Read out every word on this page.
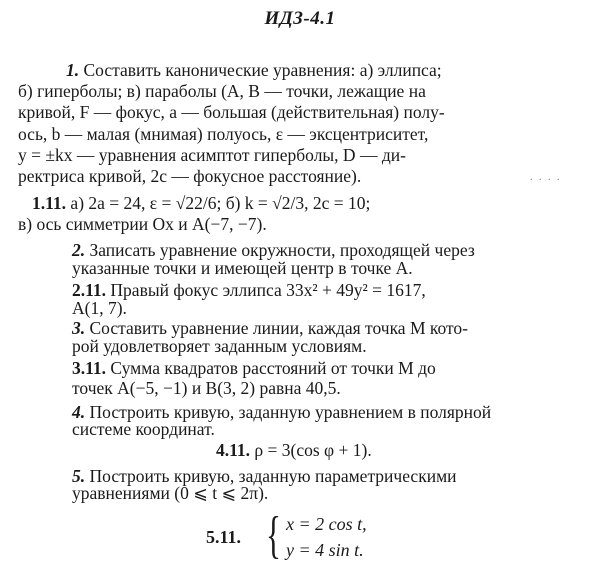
ИДЗ-4.1
1. Составить канонические уравнения: а) эллипса;
б) гиперболы; в) параболы (A, B — точки, лежащие на
кривой, F — фокус, a — большая (действительная) полу-
ось, b — малая (мнимая) полуось, ε — эксцентриситет,
y = ±kx — уравнения асимптот гиперболы, D — ди-
ректриса кривой, 2c — фокусное расстояние).	. . . .
1.11. а) 2a = 24, ε = √22/6; б) k = √2/3, 2c = 10;
в) ось симметрии Ox и A(−7, −7).
2. Записать уравнение окружности, проходящей через
указанные точки и имеющей центр в точке A.
2.11. Правый фокус эллипса 33x² + 49y² = 1617,
A(1, 7).
3. Составить уравнение линии, каждая точка M кото-
рой удовлетворяет заданным условиям.
3.11. Сумма квадратов расстояний от точки M до
точек A(−5, −1) и B(3, 2) равна 40,5.
4. Построить кривую, заданную уравнением в полярной
системе координат.
4.11. ρ = 3(cos φ + 1).
5. Построить кривую, заданную параметрическими
уравнениями (0 ⩽ t ⩽ 2π).
5.11. { x = 2 cos t,
y = 4 sin t.
